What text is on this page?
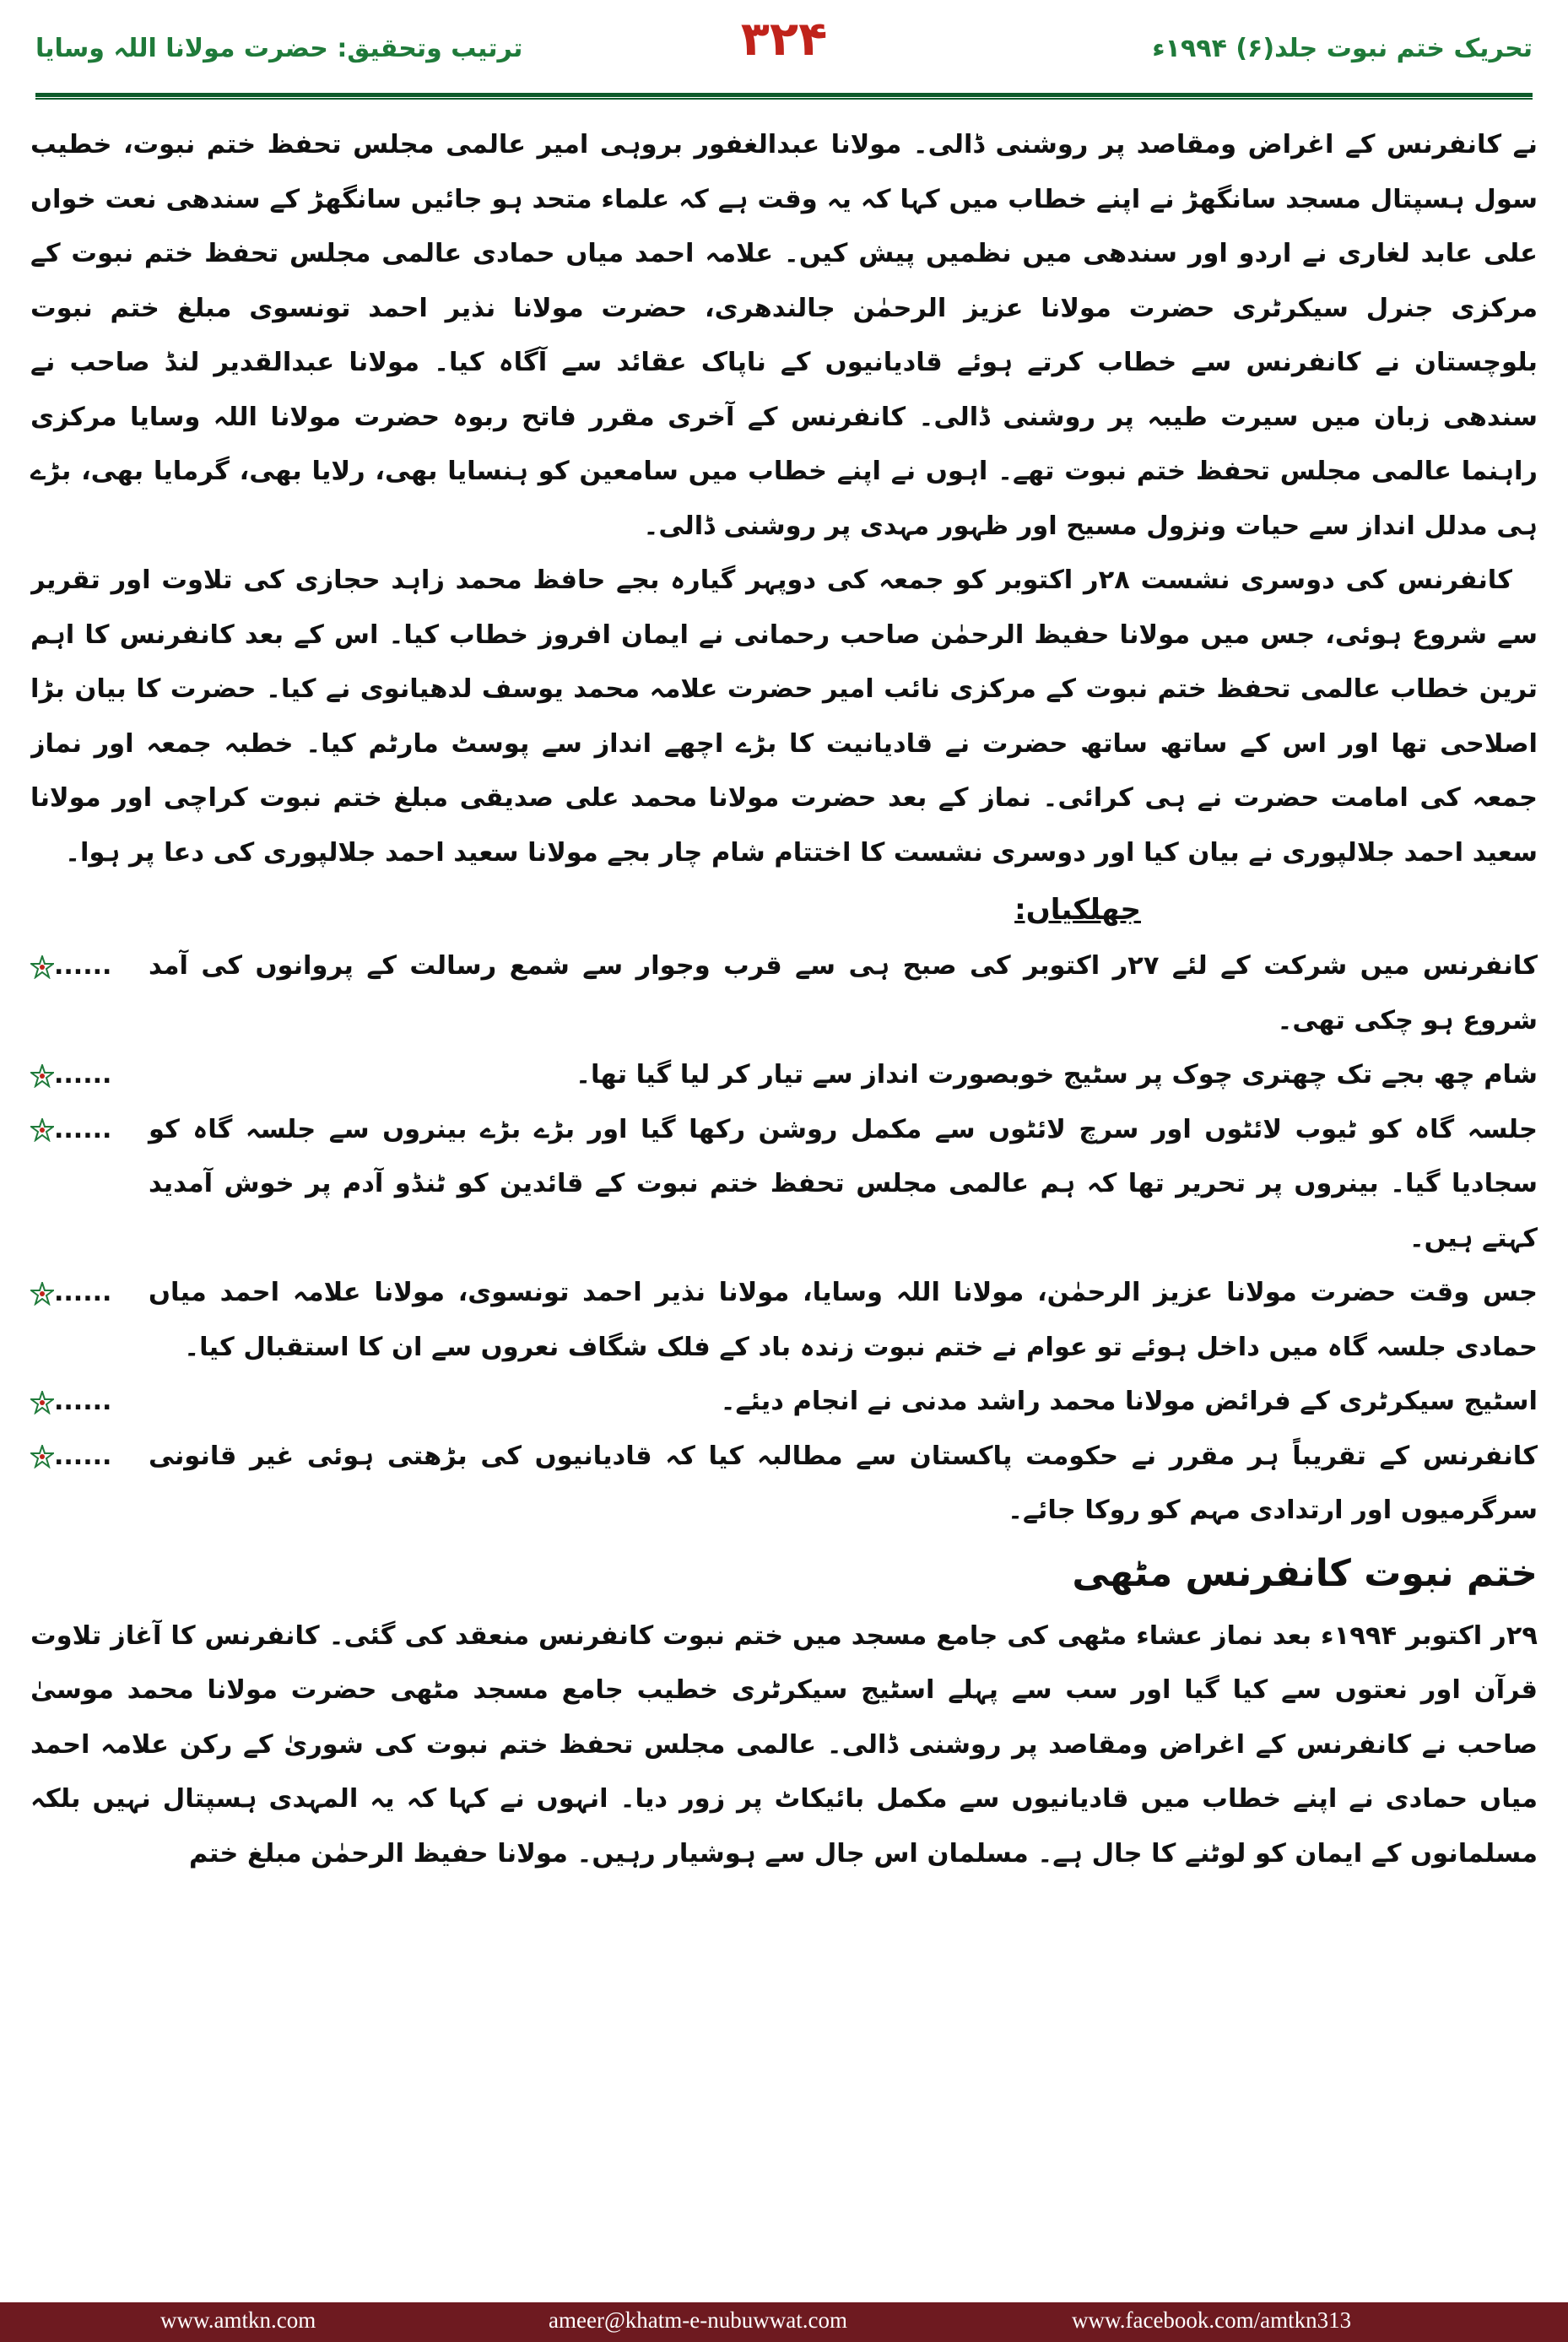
تحریک ختم نبوت جلد(۶) ۱۹۹۴ء
۳۲۴
ترتیب وتحقیق: حضرت مولانا اللہ وسایا

نے کانفرنس کے اغراض ومقاصد پر روشنی ڈالی۔ مولانا عبدالغفور بروہی امیر عالمی مجلس تحفظ ختم نبوت، خطیب سول ہسپتال مسجد سانگھڑ نے اپنے خطاب میں کہا کہ یہ وقت ہے کہ علماء متحد ہو جائیں سانگھڑ کے سندھی نعت خواں علی عابد لغاری نے اردو اور سندھی میں نظمیں پیش کیں۔ علامہ احمد میاں حمادی عالمی مجلس تحفظ ختم نبوت کے مرکزی جنرل سیکرٹری حضرت مولانا عزیز الرحمٰن جالندھری، حضرت مولانا نذیر احمد تونسوی مبلغ ختم نبوت بلوچستان نے کانفرنس سے خطاب کرتے ہوئے قادیانیوں کے ناپاک عقائد سے آگاہ کیا۔ مولانا عبدالقدیر لنڈ صاحب نے سندھی زبان میں سیرت طیبہ پر روشنی ڈالی۔ کانفرنس کے آخری مقرر فاتح ربوہ حضرت مولانا اللہ وسایا مرکزی راہنما عالمی مجلس تحفظ ختم نبوت تھے۔ اہوں نے اپنے خطاب میں سامعین کو ہنسایا بھی، رلایا بھی، گرمایا بھی، بڑے ہی مدلل انداز سے حیات ونزول مسیح اور ظہور مہدی پر روشنی ڈالی۔

کانفرنس کی دوسری نشست ۲۸ر اکتوبر کو جمعہ کی دوپہر گیارہ بجے حافظ محمد زاہد حجازی کی تلاوت اور تقریر سے شروع ہوئی، جس میں مولانا حفیظ الرحمٰن صاحب رحمانی نے ایمان افروز خطاب کیا۔ اس کے بعد کانفرنس کا اہم ترین خطاب عالمی تحفظ ختم نبوت کے مرکزی نائب امیر حضرت علامہ محمد یوسف لدھیانوی نے کیا۔ حضرت کا بیان بڑا اصلاحی تھا اور اس کے ساتھ ساتھ حضرت نے قادیانیت کا بڑے اچھے انداز سے پوسٹ مارٹم کیا۔ خطبہ جمعہ اور نماز جمعہ کی امامت حضرت نے ہی کرائی۔ نماز کے بعد حضرت مولانا محمد علی صدیقی مبلغ ختم نبوت کراچی اور مولانا سعید احمد جلالپوری نے بیان کیا اور دوسری نشست کا اختتام شام چار بجے مولانا سعید احمد جلالپوری کی دعا پر ہوا۔

جھلکیاں:

......	کانفرنس میں شرکت کے لئے ۲۷ر اکتوبر کی صبح ہی سے قرب وجوار سے شمع رسالت کے پروانوں کی آمد شروع ہو چکی تھی۔
......	شام چھ بجے تک چھتری چوک پر سٹیج خوبصورت انداز سے تیار کر لیا گیا تھا۔
......	جلسہ گاہ کو ٹیوب لائٹوں اور سرچ لائٹوں سے مکمل روشن رکھا گیا اور بڑے بڑے بینروں سے جلسہ گاہ کو سجادیا گیا۔ بینروں پر تحریر تھا کہ ہم عالمی مجلس تحفظ ختم نبوت کے قائدین کو ٹنڈو آدم پر خوش آمدید کہتے ہیں۔
......	جس وقت حضرت مولانا عزیز الرحمٰن، مولانا اللہ وسایا، مولانا نذیر احمد تونسوی، مولانا علامہ احمد میاں حمادی جلسہ گاہ میں داخل ہوئے تو عوام نے ختم نبوت زندہ باد کے فلک شگاف نعروں سے ان کا استقبال کیا۔
......	اسٹیج سیکرٹری کے فرائض مولانا محمد راشد مدنی نے انجام دیئے۔
......	کانفرنس کے تقریباً ہر مقرر نے حکومت پاکستان سے مطالبہ کیا کہ قادیانیوں کی بڑھتی ہوئی غیر قانونی سرگرمیوں اور ارتدادی مہم کو روکا جائے۔

ختم نبوت کانفرنس مٹھی

۲۹ر اکتوبر ۱۹۹۴ء بعد نماز عشاء مٹھی کی جامع مسجد میں ختم نبوت کانفرنس منعقد کی گئی۔ کانفرنس کا آغاز تلاوت قرآن اور نعتوں سے کیا گیا اور سب سے پہلے اسٹیج سیکرٹری خطیب جامع مسجد مٹھی حضرت مولانا محمد موسیٰ صاحب نے کانفرنس کے اغراض ومقاصد پر روشنی ڈالی۔ عالمی مجلس تحفظ ختم نبوت کی شوریٰ کے رکن علامہ احمد میاں حمادی نے اپنے خطاب میں قادیانیوں سے مکمل بائیکاٹ پر زور دیا۔ انہوں نے کہا کہ یہ المہدی ہسپتال نہیں بلکہ مسلمانوں کے ایمان کو لوٹنے کا جال ہے۔ مسلمان اس جال سے ہوشیار رہیں۔ مولانا حفیظ الرحمٰن مبلغ ختم

www.amtkn.com	ameer@khatm-e-nubuwwat.com	www.facebook.com/amtkn313
